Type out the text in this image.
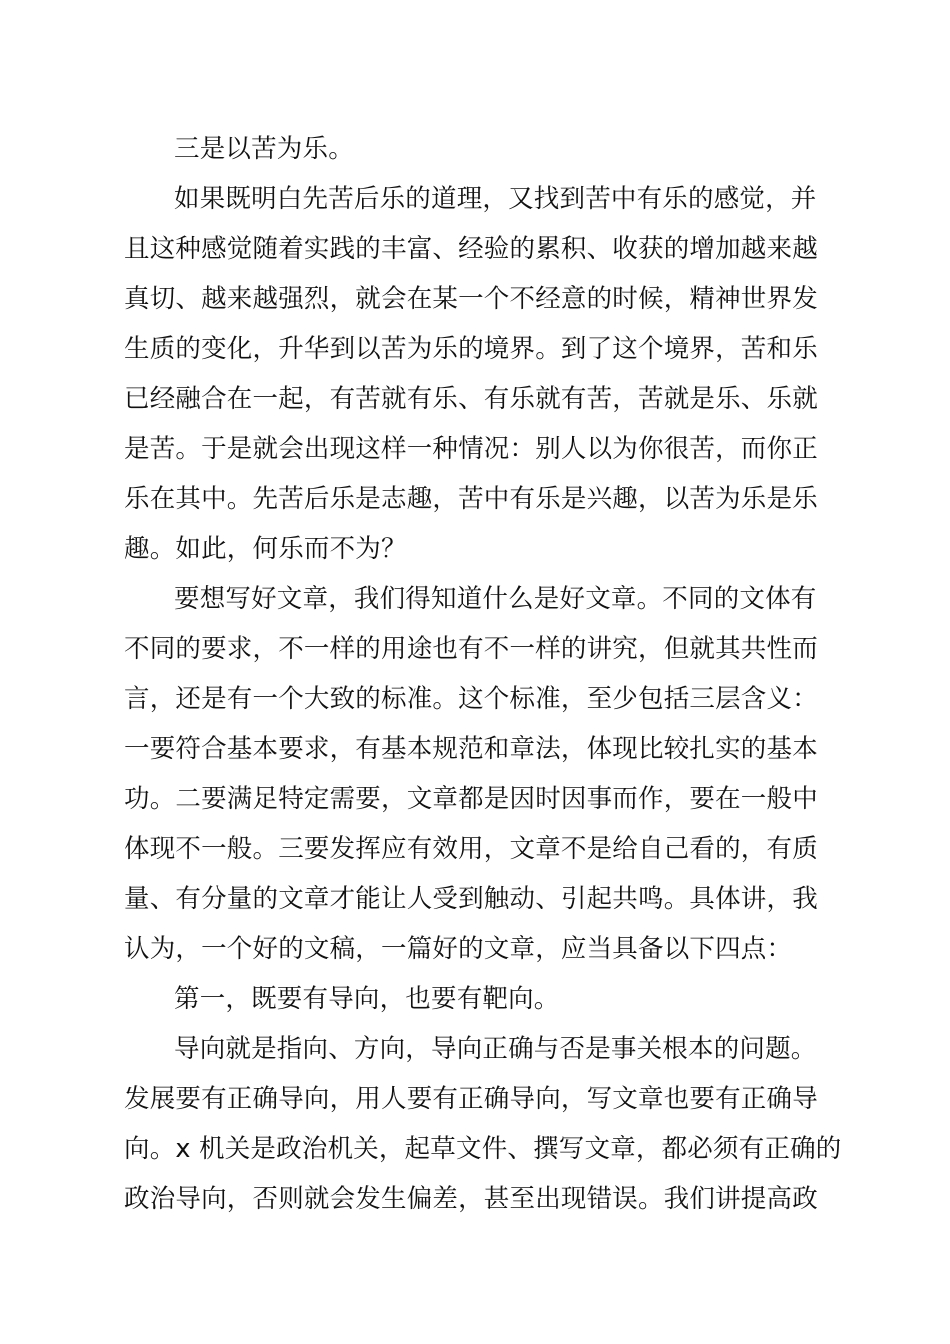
三是以苦为乐。

如果既明白先苦后乐的道理，又找到苦中有乐的感觉，并

且这种感觉随着实践的丰富、经验的累积、收获的增加越来越

真切、越来越强烈，就会在某一个不经意的时候，精神世界发

生质的变化，升华到以苦为乐的境界。到了这个境界，苦和乐

已经融合在一起，有苦就有乐、有乐就有苦，苦就是乐、乐就

是苦。于是就会出现这样一种情况：别人以为你很苦，而你正

乐在其中。先苦后乐是志趣，苦中有乐是兴趣，以苦为乐是乐

趣。如此，何乐而不为？

要想写好文章，我们得知道什么是好文章。不同的文体有

不同的要求，不一样的用途也有不一样的讲究，但就其共性而

言，还是有一个大致的标准。这个标准，至少包括三层含义：

一要符合基本要求，有基本规范和章法，体现比较扎实的基本

功。二要满足特定需要，文章都是因时因事而作，要在一般中

体现不一般。三要发挥应有效用，文章不是给自己看的，有质

量、有分量的文章才能让人受到触动、引起共鸣。具体讲，我

认为，一个好的文稿，一篇好的文章，应当具备以下四点：

第一，既要有导向，也要有靶向。

导向就是指向、方向，导向正确与否是事关根本的问题。

发展要有正确导向，用人要有正确导向，写文章也要有正确导

向。x 机关是政治机关，起草文件、撰写文章，都必须有正确的

政治导向，否则就会发生偏差，甚至出现错误。我们讲提高政
